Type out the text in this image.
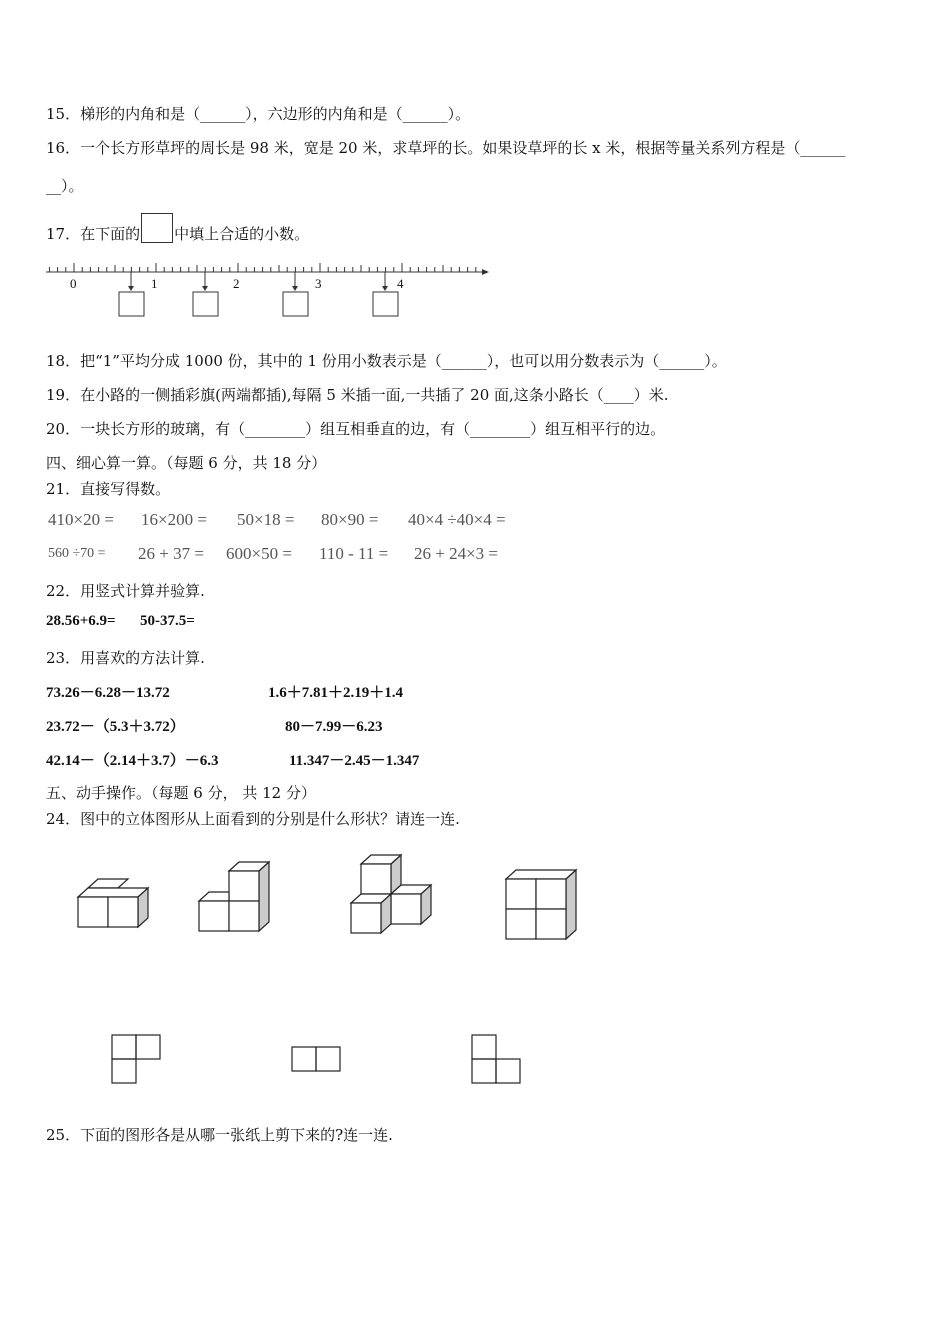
15．梯形的内角和是（______），六边形的内角和是（______）。
16．一个长方形草坪的周长是 98 米，宽是 20 米，求草坪的长。如果设草坪的长 x 米，根据等量关系列方程是（______
__）。
17．在下面的 中填上合适的小数。
0	1	2	3	4
18．把“1”平均分成 1000 份，其中的 1 份用小数表示是（______），也可以用分数表示为（______）。
19．在小路的一侧插彩旗(两端都插),每隔 5 米插一面,一共插了 20 面,这条小路长（____）米.
20．一块长方形的玻璃，有（________）组互相垂直的边，有（________）组互相平行的边。
四、细心算一算。（每题 6 分，共 18 分）
21．直接写得数。
410×20 = 16×200 = 50×18 = 80×90 = 40×4 ÷40×4 =
560 ÷70 = 26 + 37 = 600×50 = 110 - 11 = 26 + 24×3 =
22．用竖式计算并验算.
28.56+6.9= 50-37.5=
23．用喜欢的方法计算.
73.26－6.28－13.72	1.6＋7.81＋2.19＋1.4
23.72－（5.3＋3.72）	80－7.99－6.23
42.14－（2.14＋3.7）－6.3	11.347－2.45－1.347
五、动手操作。（每题 6 分， 共 12 分）
24．图中的立体图形从上面看到的分别是什么形状？请连一连.
25．下面的图形各是从哪一张纸上剪下来的?连一连.
